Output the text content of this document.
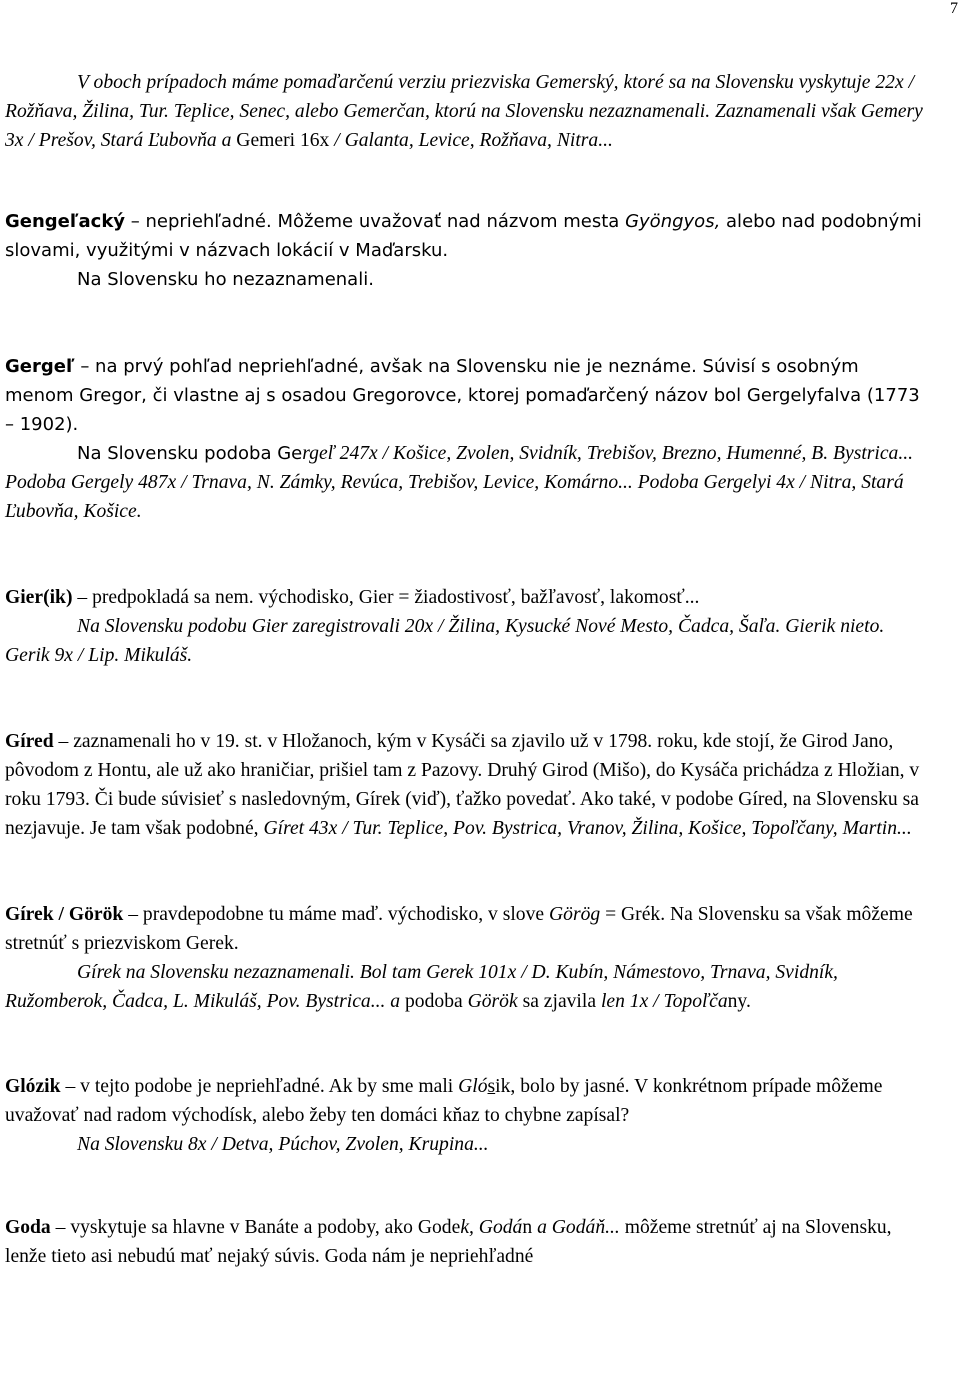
7

V oboch prípadoch máme pomaďarčenú verziu priezviska Gemerský, ktoré sa na Slovensku vyskytuje 22x / Rožňava, Žilina, Tur. Teplice, Senec, alebo Gemerčan, ktorú na Slovensku nezaznamenali. Zaznamenali však Gemery 3x / Prešov, Stará Ľubovňa a Gemeri 16x / Galanta, Levice, Rožňava, Nitra...

Gengeľacký – nepriehľadné. Môžeme uvažovať nad názvom mesta Gyöngyos, alebo nad podobnými slovami, využitými v názvach lokácií v Maďarsku.

Na Slovensku ho nezaznamenali.

Gergeľ – na prvý pohľad nepriehľadné, avšak na Slovensku nie je neznáme. Súvisí s osobným menom Gregor, či vlastne aj s osadou Gregorovce, ktorej pomaďarčený názov bol Gergelyfalva (1773 – 1902).

Na Slovensku podoba Gergeľ 247x / Košice, Zvolen, Svidník, Trebišov, Brezno, Humenné, B. Bystrica... Podoba Gergely 487x / Trnava, N. Zámky, Revúca, Trebišov, Levice, Komárno... Podoba Gergelyi 4x / Nitra, Stará Ľubovňa, Košice.

Gier(ik) – predpokladá sa nem. východisko, Gier = žiadostivosť, bažľavosť, lakomosť...

Na Slovensku podobu Gier zaregistrovali 20x / Žilina, Kysucké Nové Mesto, Čadca, Šaľa. Gierik nieto. Gerik 9x / Lip. Mikuláš.

Gíred – zaznamenali ho v 19. st. v Hložanoch, kým v Kysáči sa zjavilo už v 1798. roku, kde stojí, že Girod Jano, pôvodom z Hontu, ale už ako hraničiar, prišiel tam z Pazovy. Druhý Girod (Mišo), do Kysáča prichádza z Hložian, v roku 1793. Či bude súvisieť s nasledovným, Gírek (viď), ťažko povedať. Ako také, v podobe Gíred, na Slovensku sa nezjavuje. Je tam však podobné, Gíret 43x / Tur. Teplice, Pov. Bystrica, Vranov, Žilina, Košice, Topoľčany, Martin...

Gírek / Görök – pravdepodobne tu máme maď. východisko, v slove Görög = Grék. Na Slovensku sa však môžeme stretnúť s priezviskom Gerek.

Gírek na Slovensku nezaznamenali. Bol tam Gerek 101x / D. Kubín, Námestovo, Trnava, Svidník, Ružomberok, Čadca, L. Mikuláš, Pov. Bystrica... a podoba Görök sa zjavila len 1x / Topoľčany.

Glózik – v tejto podobe je nepriehľadné. Ak by sme mali Glósik, bolo by jasné. V konkrétnom prípade môžeme uvažovať nad radom východísk, alebo žeby ten domáci kňaz to chybne zapísal?

Na Slovensku 8x / Detva, Púchov, Zvolen, Krupina...

Goda – vyskytuje sa hlavne v Banáte a podoby, ako Godek, Godán a Godáň... môžeme stretnúť aj na Slovensku, lenže tieto asi nebudú mať nejaký súvis. Goda nám je nepriehľadné
